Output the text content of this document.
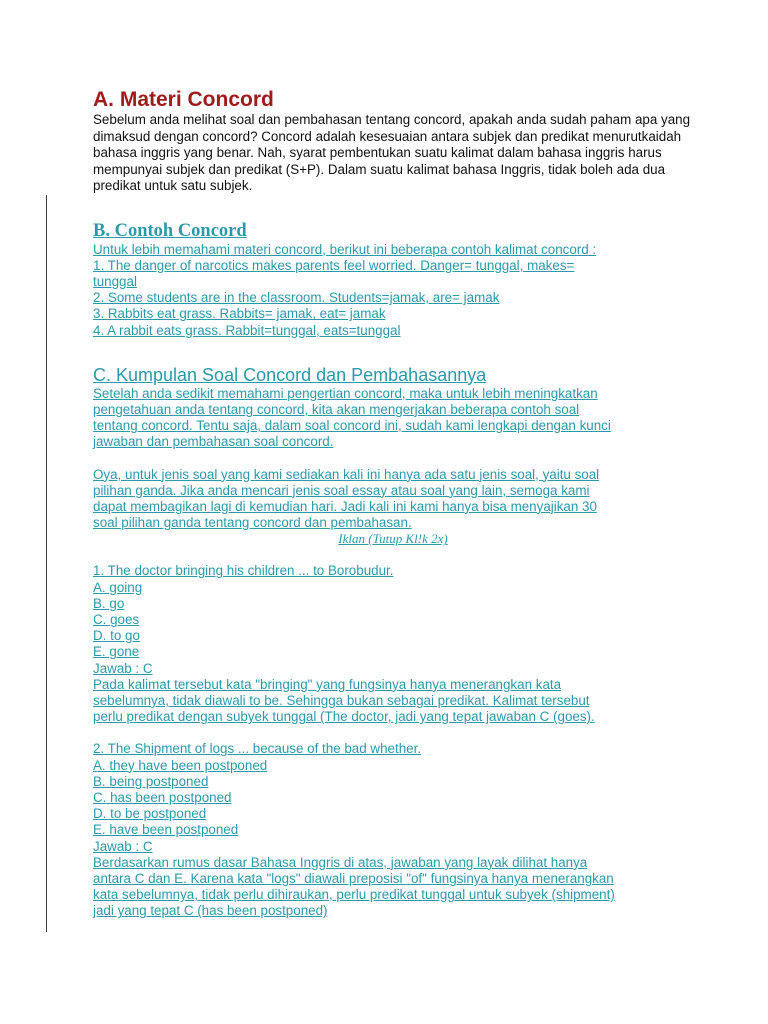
A. Materi Concord

Sebelum anda melihat soal dan pembahasan tentang concord, apakah anda sudah paham apa yang dimaksud dengan concord? Concord adalah kesesuaian antara subjek dan predikat menurutkaidah bahasa inggris yang benar. Nah, syarat pembentukan suatu kalimat dalam bahasa inggris harus mempunyai subjek dan predikat (S+P). Dalam suatu kalimat bahasa Inggris, tidak boleh ada dua predikat untuk satu subjek.

B. Contoh Concord
Untuk lebih memahami materi concord, berikut ini beberapa contoh kalimat concord :
1. The danger of narcotics makes parents feel worried. Danger= tunggal, makes=
tunggal
2. Some students are in the classroom. Students=jamak, are= jamak
3. Rabbits eat grass. Rabbits= jamak, eat= jamak
4. A rabbit eats grass. Rabbit=tunggal, eats=tunggal
C. Kumpulan Soal Concord dan Pembahasannya
Setelah anda sedikit memahami pengertian concord, maka untuk lebih meningkatkan
pengetahuan anda tentang concord, kita akan mengerjakan beberapa contoh soal
tentang concord. Tentu saja, dalam soal concord ini, sudah kami lengkapi dengan kunci
jawaban dan pembahasan soal concord.
Oya, untuk jenis soal yang kami sediakan kali ini hanya ada satu jenis soal, yaitu soal
pilihan ganda. Jika anda mencari jenis soal essay atau soal yang lain, semoga kami
dapat membagikan lagi di kemudian hari. Jadi kali ini kami hanya bisa menyajikan 30
soal pilihan ganda tentang concord dan pembahasan.
Iklan (Tutup Kl!k 2x)
1. The doctor bringing his children ... to Borobudur.
A. going
B. go
C. goes
D. to go
E. gone
Jawab : C
Pada kalimat tersebut kata "bringing" yang fungsinya hanya menerangkan kata
sebelumnya, tidak diawali to be. Sehingga bukan sebagai predikat. Kalimat tersebut
perlu predikat dengan subyek tunggal (The doctor, jadi yang tepat jawaban C (goes).
2. The Shipment of logs ... because of the bad whether.
A. they have been postponed
B. being postponed
C. has been postponed
D. to be postponed
E. have been postponed
Jawab : C
Berdasarkan rumus dasar Bahasa Inggris di atas, jawaban yang layak dilihat hanya
antara C dan E. Karena kata "logs" diawali preposisi "of" fungsinya hanya menerangkan
kata sebelumnya, tidak perlu dihiraukan, perlu predikat tunggal untuk subyek (shipment)
jadi yang tepat C (has been postponed)
